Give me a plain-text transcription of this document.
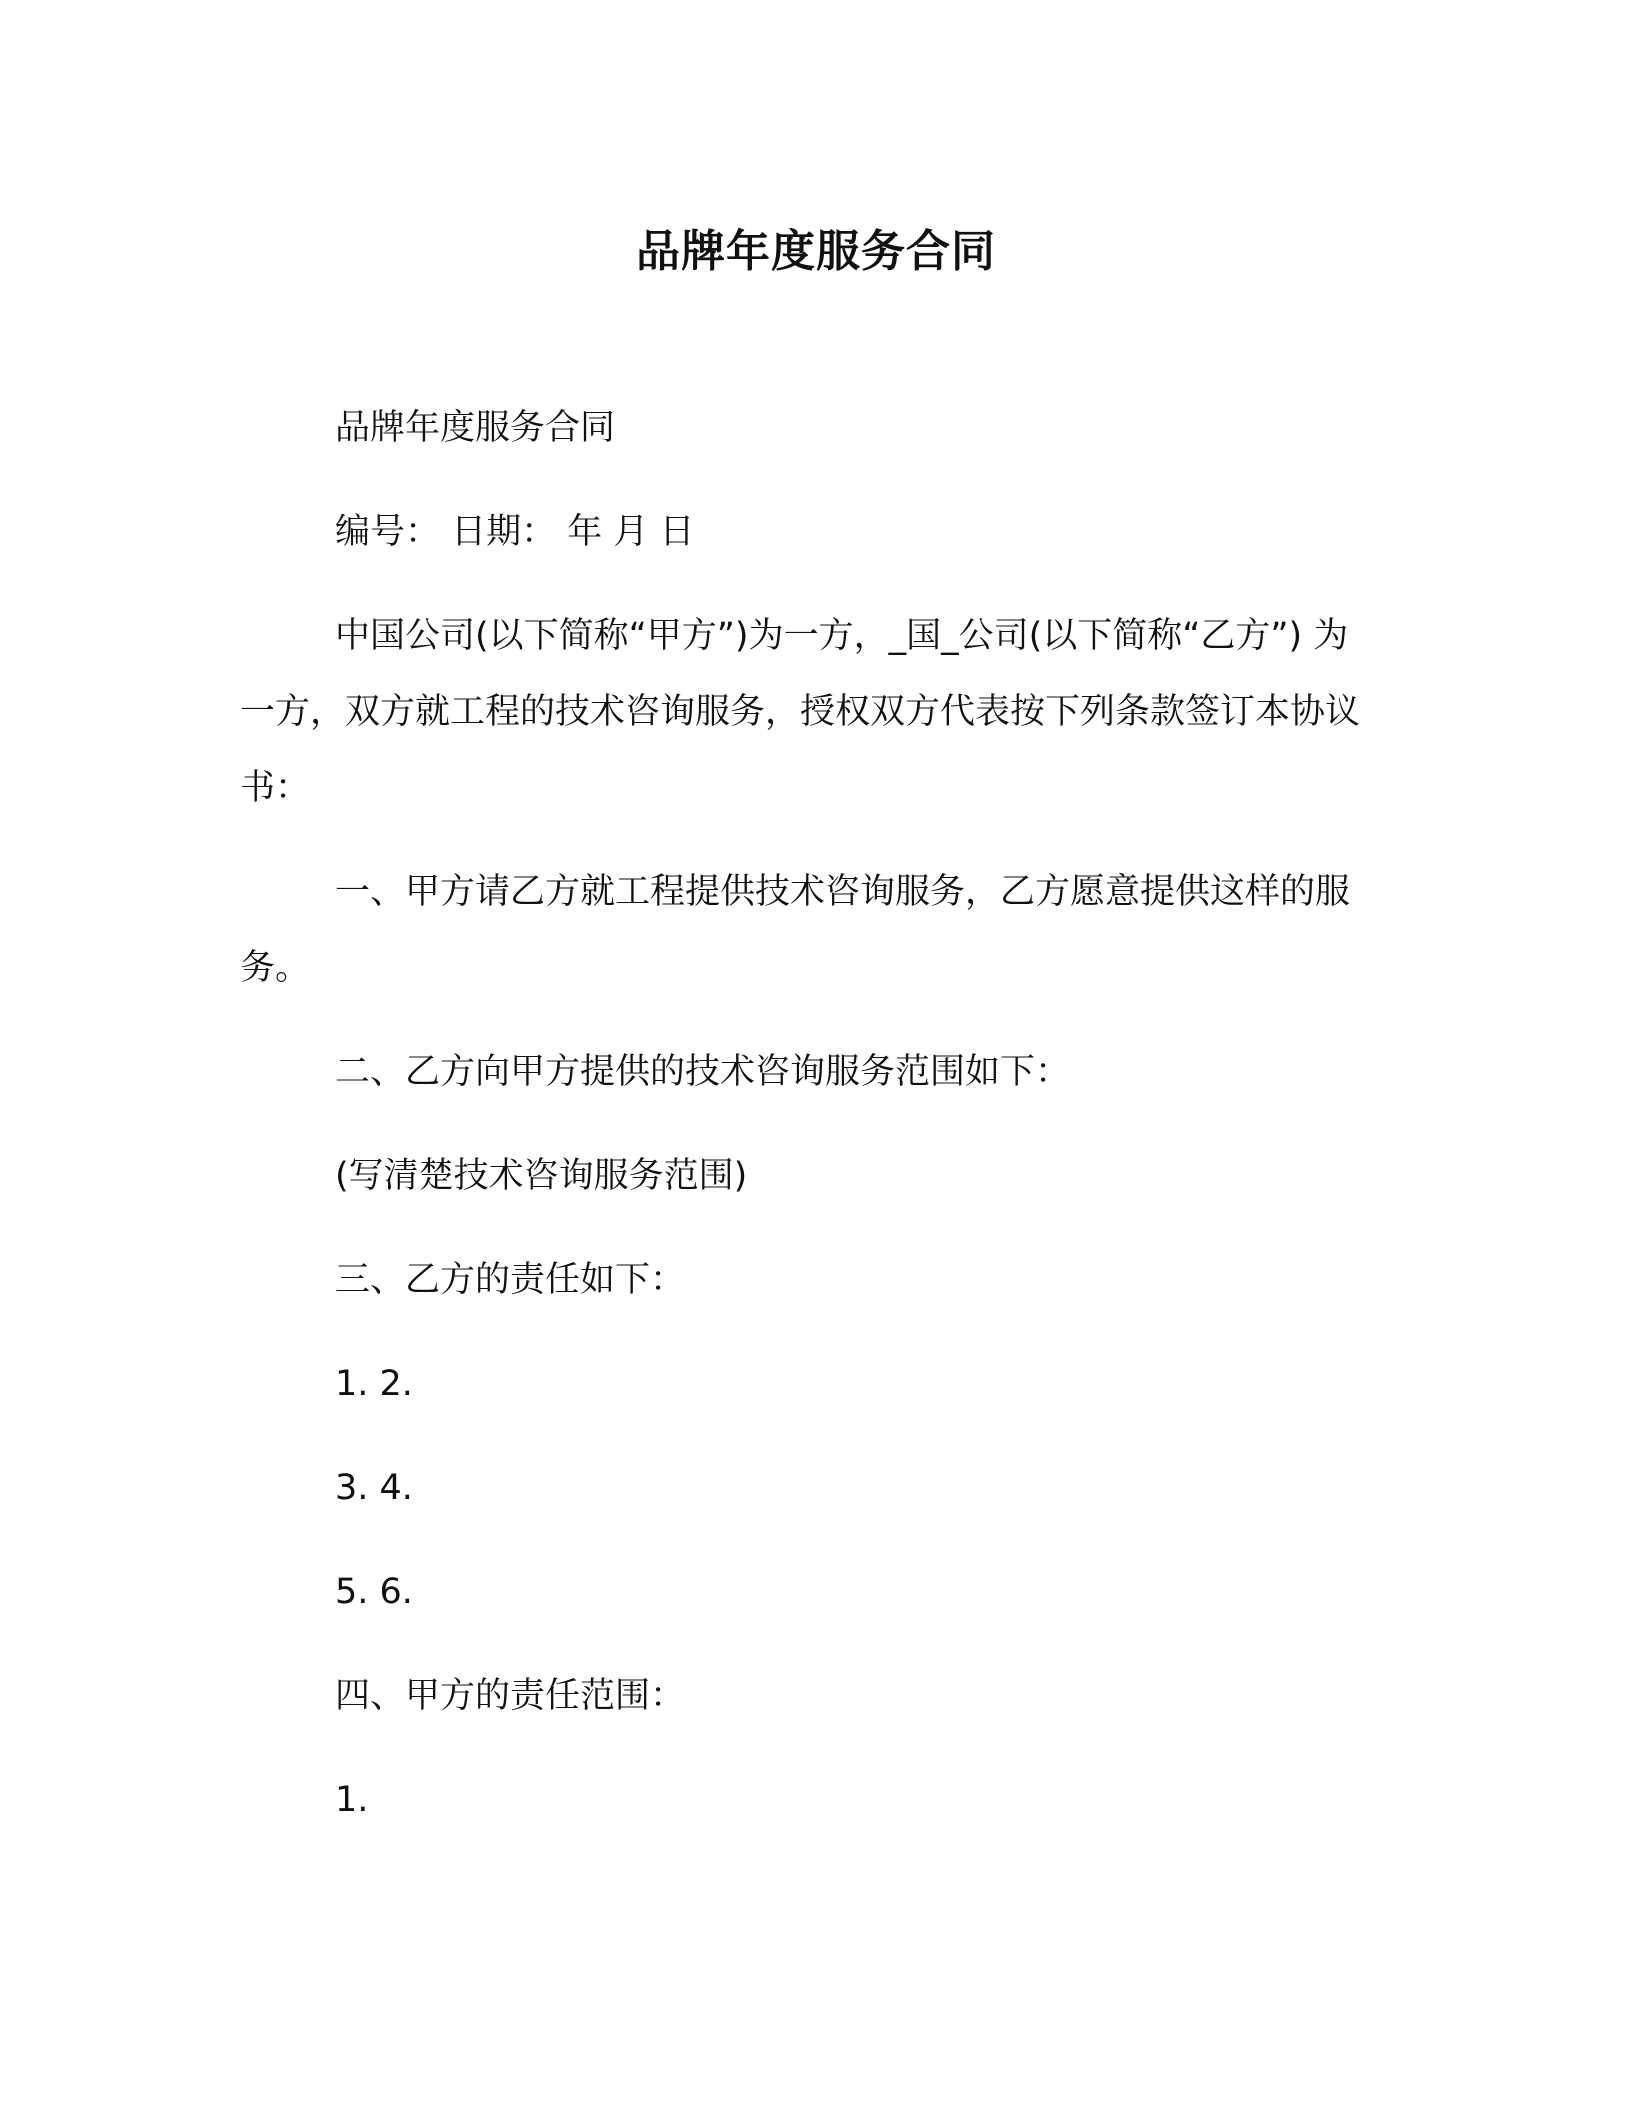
品牌年度服务合同

品牌年度服务合同

编号： 日期： 年 月 日

中国公司(以下简称“甲方”)为一方，_国_公司(以下简称“乙方”) 为一方，双方就工程的技术咨询服务，授权双方代表按下列条款签订本协议书：

一、甲方请乙方就工程提供技术咨询服务，乙方愿意提供这样的服务。

二、乙方向甲方提供的技术咨询服务范围如下：

(写清楚技术咨询服务范围)

三、乙方的责任如下：

1. 2.

3. 4.

5. 6.

四、甲方的责任范围：

1.
